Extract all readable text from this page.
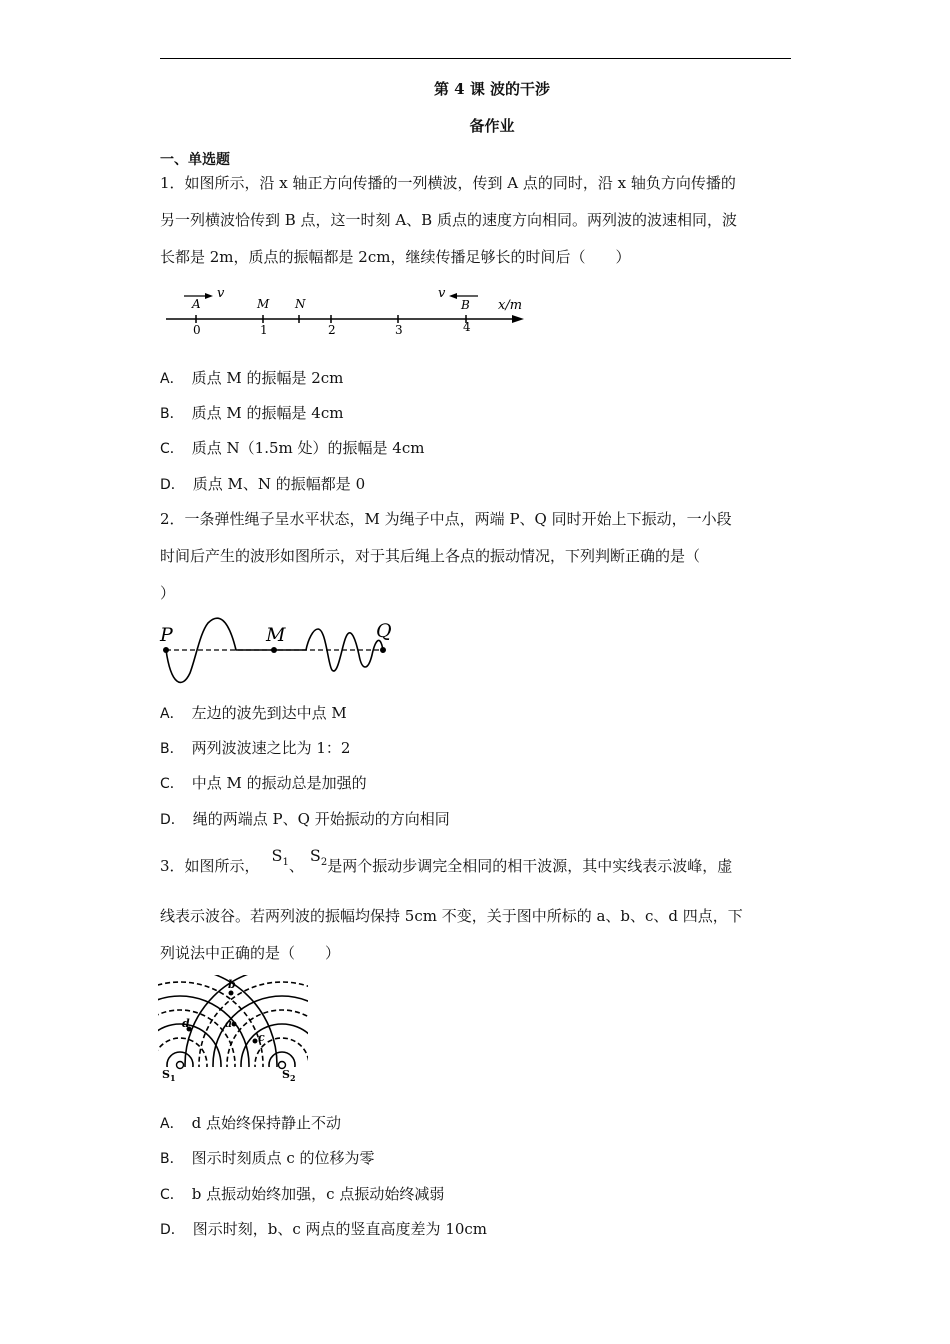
第 4 课 波的干涉
备作业
一、单选题
1．如图所示，沿 x 轴正方向传播的一列横波，传到 A 点的同时，沿 x 轴负方向传播的
另一列横波恰传到 B 点，这一时刻 A、B 质点的速度方向相同。两列波的波速相同，波
长都是 2m，质点的振幅都是 2cm，继续传播足够长的时间后（　　）
0	1	2	3	4
A	M N	B x/m
v	v
A． 质点 M 的振幅是 2cm
B． 质点 M 的振幅是 4cm
C． 质点 N（1.5m 处）的振幅是 4cm
D． 质点 M、N 的振幅都是 0
2．一条弹性绳子呈水平状态，M 为绳子中点，两端 P、Q 同时开始上下振动，一小段
时间后产生的波形如图所示，对于其后绳上各点的振动情况，下列判断正确的是（
）
P	M	Q
A． 左边的波先到达中点 M
B． 两列波波速之比为 1：2
C． 中点 M 的振动总是加强的
D． 绳的两端点 P、Q 开始振动的方向相同
3．如图所示，$S_1$、$S_2$是两个振动步调完全相同的相干波源，其中实线表示波峰，虚
线表示波谷。若两列波的振幅均保持 5cm 不变，关于图中所标的 a、b、c、d 四点，下
列说法中正确的是（　　）
b
a
d
c
$S_1$	$S_2$
A． d 点始终保持静止不动
B． 图示时刻质点 c 的位移为零
C． b 点振动始终加强，c 点振动始终减弱
D． 图示时刻，b、c 两点的竖直高度差为 10cm
